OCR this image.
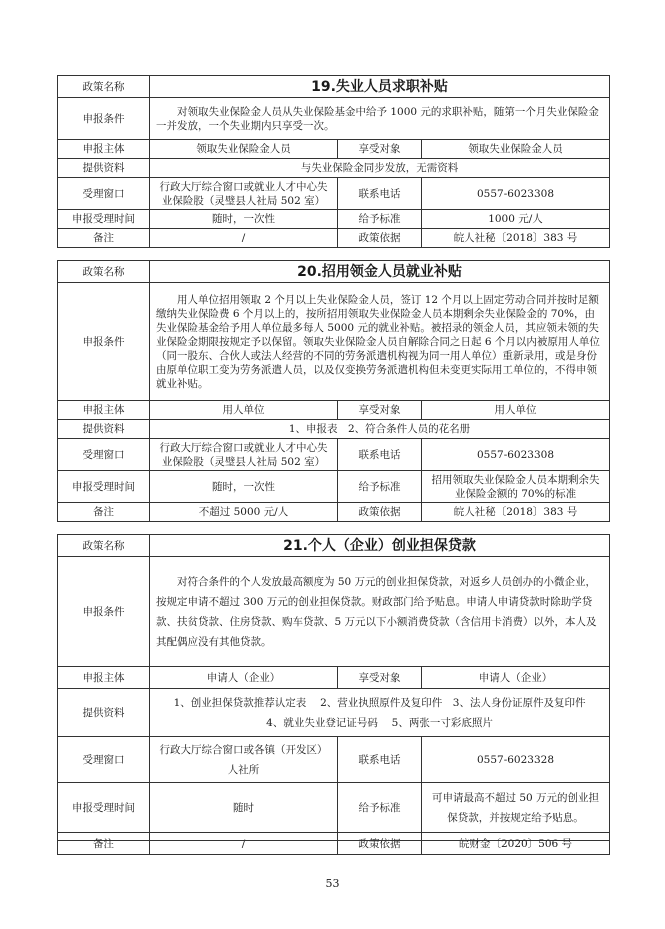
政策名称	19.失业人员求职补贴		
申报条件	对领取失业保险金人员从失业保险基金中给予 1000 元的求职补贴，随第一个月失业保险金一并发放，一个失业期内只享受一次。		
申报主体	领取失业保险金人员	享受对象	领取失业保险金人员
提供资料	与失业保险金同步发放，无需资料		
受理窗口	行政大厅综合窗口或就业人才中心失业保险股（灵璧县人社局 502 室）	联系电话	0557-6023308
申报受理时间	随时，一次性	给予标准	1000 元/人
备注	/	政策依据	皖人社秘〔2018〕383 号
政策名称	20.招用领金人员就业补贴		
申报条件	用人单位招用领取 2 个月以上失业保险金人员，签订 12 个月以上固定劳动合同并按时足额缴纳失业保险费 6 个月以上的，按所招用领取失业保险金人员本期剩余失业保险金的 70%，由失业保险基金给予用人单位最多每人 5000 元的就业补贴。被招录的领金人员，其应领未领的失业保险金期限按规定予以保留。领取失业保险金人员自解除合同之日起 6 个月以内被原用人单位（同一股东、合伙人或法人经营的不同的劳务派遣机构视为同一用人单位）重新录用，或是身份由原单位职工变为劳务派遣人员，以及仅变换劳务派遣机构但未变更实际用工单位的，不得申领就业补贴。		
申报主体	用人单位	享受对象	用人单位
提供资料	1、申报表　2、符合条件人员的花名册		
受理窗口	行政大厅综合窗口或就业人才中心失业保险股（灵璧县人社局 502 室）	联系电话	0557-6023308
申报受理时间	随时，一次性	给予标准	招用领取失业保险金人员本期剩余失业保险金额的 70%的标准
备注	不超过 5000 元/人	政策依据	皖人社秘〔2018〕383 号
政策名称	21.个人（企业）创业担保贷款		
申报条件	对符合条件的个人发放最高额度为 50 万元的创业担保贷款，对返乡人员创办的小微企业，按规定申请不超过 300 万元的创业担保贷款。财政部门给予贴息。申请人申请贷款时除助学贷款、扶贫贷款、住房贷款、购车贷款、5 万元以下小额消费贷款（含信用卡消费）以外，本人及其配偶应没有其他贷款。		
申报主体	申请人（企业）	享受对象	申请人（企业）
提供资料	1、创业担保贷款推荐认定表　 2、营业执照原件及复印件　3、法人身份证原件及复印件
4、就业失业登记证号码　 5、两张一寸彩底照片		

受理窗口	行政大厅综合窗口或各镇（开发区）人社所	联系电话	0557-6023328
申报受理时间	随时	给予标准	可申请最高不超过 50 万元的创业担保贷款，并按规定给予贴息。
备注	/	政策依据	皖财金〔2020〕506 号
53
